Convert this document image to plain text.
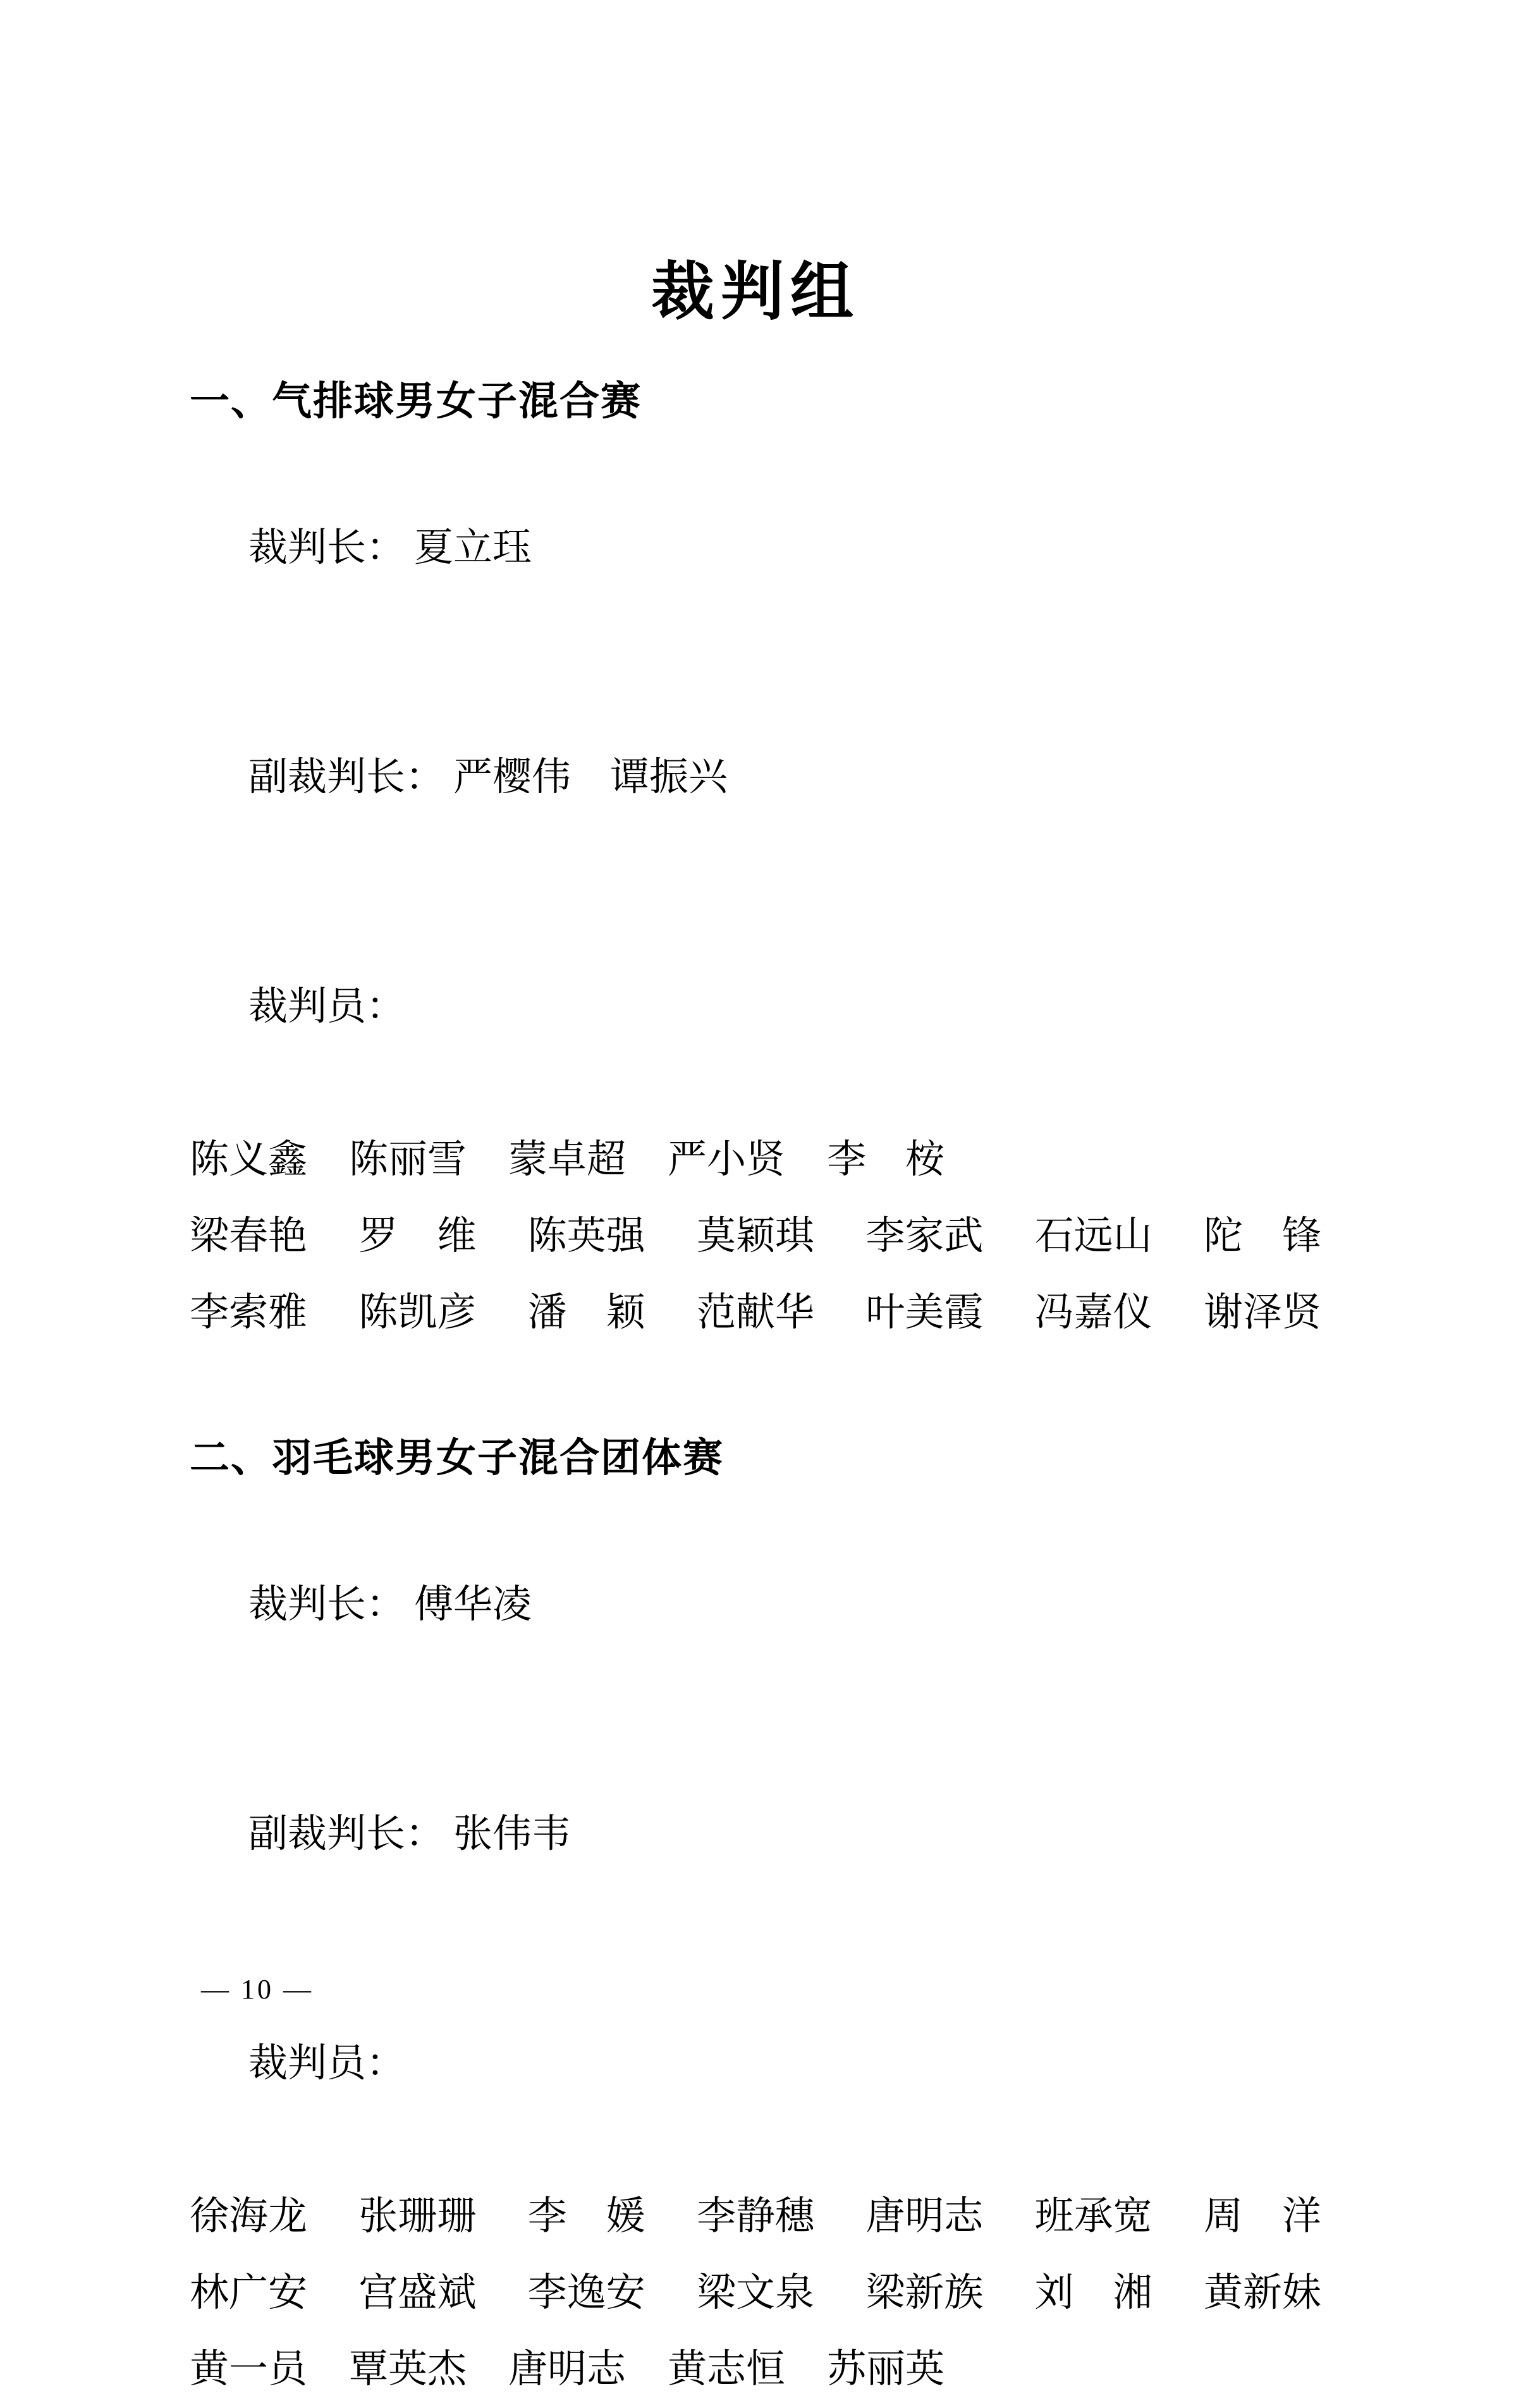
裁判组
一、气排球男女子混合赛

裁判长： 夏立珏

副裁判长： 严樱伟　谭振兴

裁判员：

陈义鑫 陈丽雪 蒙卓超 严小贤 李　桉
梁春艳 罗　维 陈英强 莫颖琪 李家武 石远山 陀　锋
李索雅 陈凯彦 潘　颖 范献华 叶美霞 冯嘉仪 谢泽贤
二、羽毛球男女子混合团体赛

裁判长： 傅华凌

副裁判长： 张伟韦

裁判员：

徐海龙 张珊珊 李　媛 李静穗 唐明志 班承宽 周　洋
林广安 宫盛斌 李逸安 梁文泉 梁新族 刘　湘 黄新妹
黄一员 覃英杰 唐明志 黄志恒 苏丽英
— 10 —
